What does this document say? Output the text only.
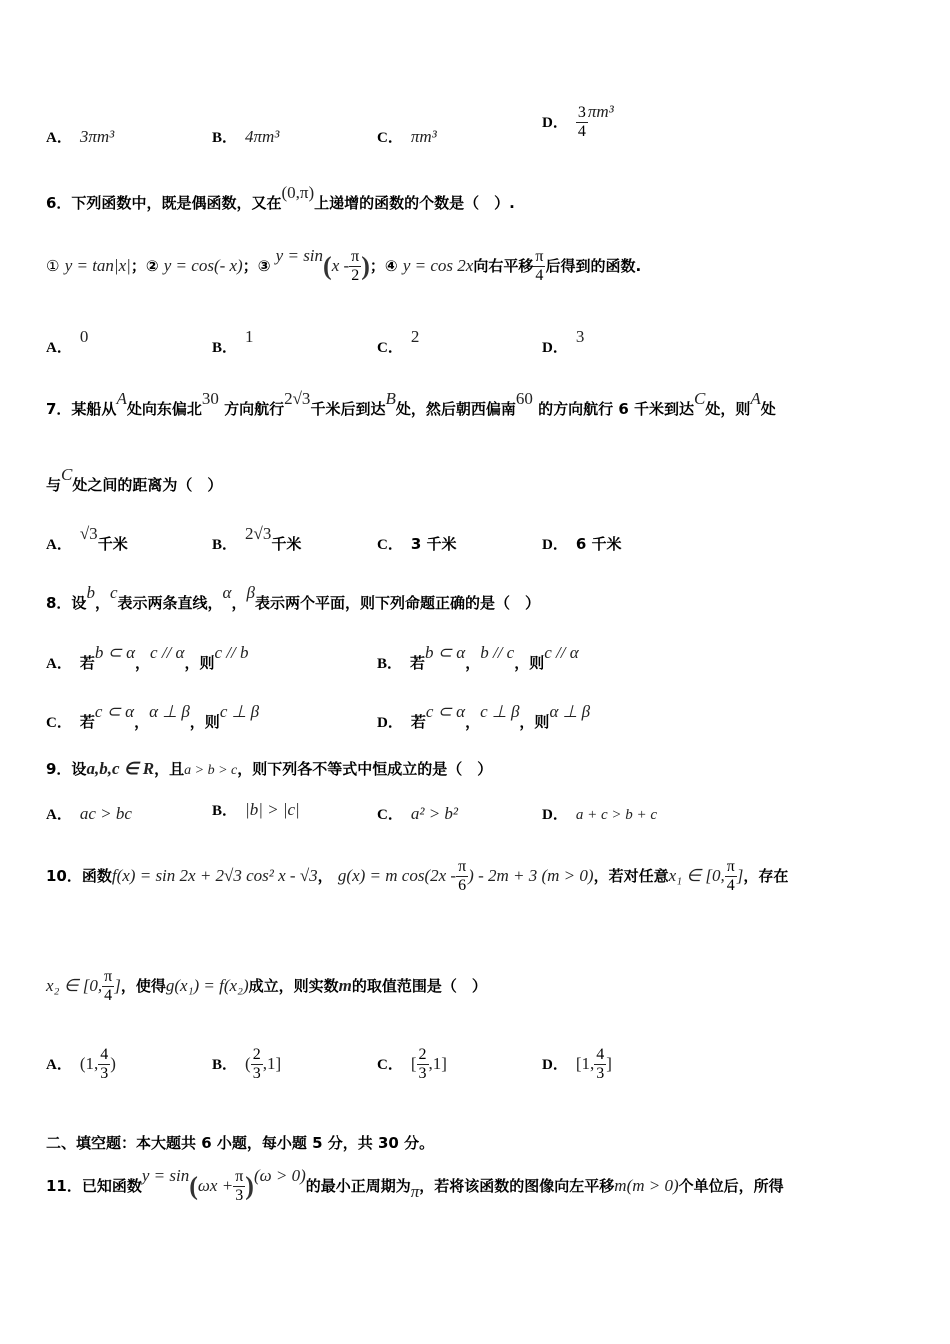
A． 3πm³	B． 4πm³	C． πm³
D． $\frac{3}{4} \pi m^3$
6．下列函数中，既是偶函数，又在(0,π)上递增的函数的个数是（　）.
① y = tan|x|；② y = cos(- x)；③ $y = \sin(x - \frac{\pi}{2}$ )；④ y = cos 2x向右平移 $\frac{\pi}{4}$ 后得到的函数.
A．0
B．1
C．2
D．3
7．某船从A处向东偏北30 方向航行2√3千米后到达B处，然后朝西偏南60 的方向航行 6 千米到达C处，则A处
与C处之间的距离为（　）
A．√3千米	B．2√3千米	C． 3 千米	D． 6 千米
8．设b，c表示两条直线，α，β表示两个平面，则下列命题正确的是（　）
A． 若b ⊂ α，c // α，则c // b
B． 若b ⊂ α，b // c，则c // α
C． 若c ⊂ α，α ⊥ β，则c ⊥ β
D． 若c ⊂ α，c ⊥ β，则α ⊥ β
9．设a,b,c ∈ R，且a > b > c，则下列各不等式中恒成立的是（　）
A． ac > bc	B． |b| > |c|	C． a² > b²	D． a + c > b + c
10．函数f(x) = sin 2x + 2√3 cos² x - √3， g(x) = m $\cos(2x - \frac{\pi}{6}$ ) - 2m + 3 (m > 0)，若对任意x₁ ∈ [0, $\frac{\pi}{4}$ ]，存在
x₂ ∈ [0, $\frac{\pi}{4}$ ]，使得g(x₁) = f(x₂)成立，则实数m的取值范围是（　）
A． (1, $\frac{4}{3}$ )	B． ( $\frac{2}{3} ,1$]	C． [ $\frac{2}{3} ,1$]	D． [1, $\frac{4}{3}$ ]
二、填空题：本大题共 6 小题，每小题 5 分，共 30 分。
11．已知函数$y = \sin(\omega x + \frac{\pi}{3} )(\omega > 0)$的最小正周期为π，若将该函数的图像向左平移m(m > 0)个单位后，所得
